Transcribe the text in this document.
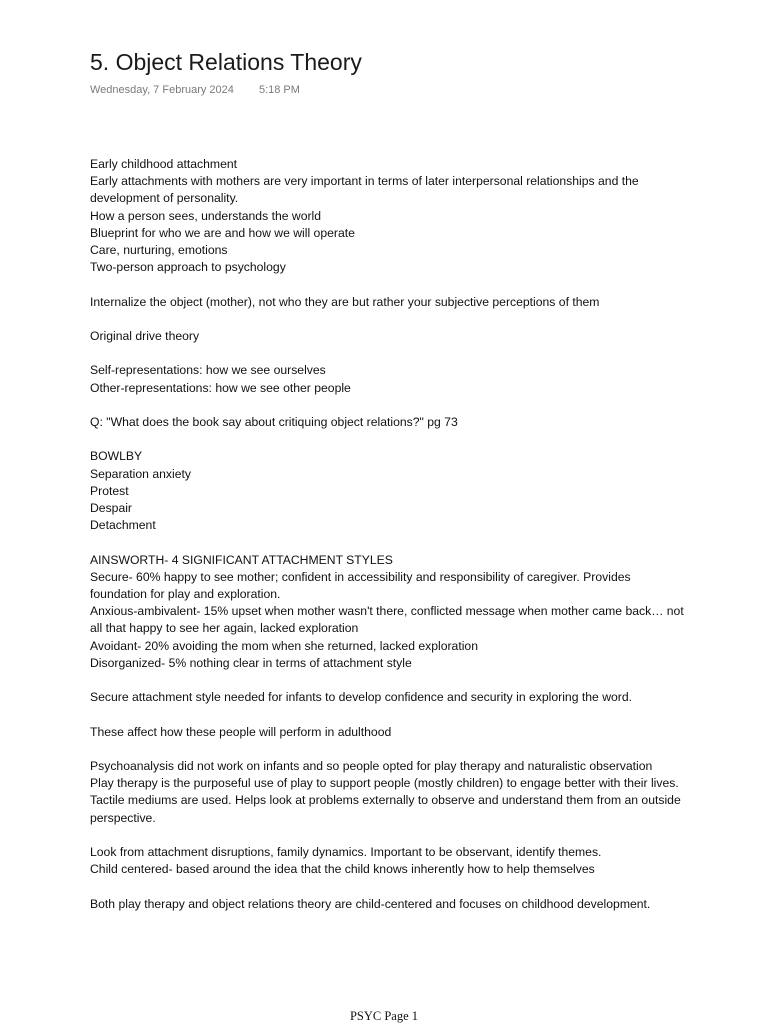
5. Object Relations Theory
Wednesday, 7 February 2024 5:18 PM
Early childhood attachment
Early attachments with mothers are very important in terms of later interpersonal relationships and the development of personality.
How a person sees, understands the world
Blueprint for who we are and how we will operate
Care, nurturing, emotions
Two-person approach to psychology
Internalize the object (mother), not who they are but rather your subjective perceptions of them
Original drive theory
Self-representations: how we see ourselves
Other-representations: how we see other people
Q: "What does the book say about critiquing object relations?" pg 73
BOWLBY
Separation anxiety
Protest
Despair
Detachment
AINSWORTH- 4 SIGNIFICANT ATTACHMENT STYLES
Secure- 60% happy to see mother; confident in accessibility and responsibility of caregiver. Provides foundation for play and exploration.
Anxious-ambivalent- 15% upset when mother wasn't there, conflicted message when mother came back… not all that happy to see her again, lacked exploration
Avoidant- 20% avoiding the mom when she returned, lacked exploration
Disorganized- 5% nothing clear in terms of attachment style
Secure attachment style needed for infants to develop confidence and security in exploring the word.
These affect how these people will perform in adulthood
Psychoanalysis did not work on infants and so people opted for play therapy and naturalistic observation
Play therapy is the purposeful use of play to support people (mostly children) to engage better with their lives. Tactile mediums are used. Helps look at problems externally to observe and understand them from an outside perspective.
Look from attachment disruptions, family dynamics. Important to be observant, identify themes.
Child centered- based around the idea that the child knows inherently how to help themselves
Both play therapy and object relations theory are child-centered and focuses on childhood development.
PSYC Page 1
